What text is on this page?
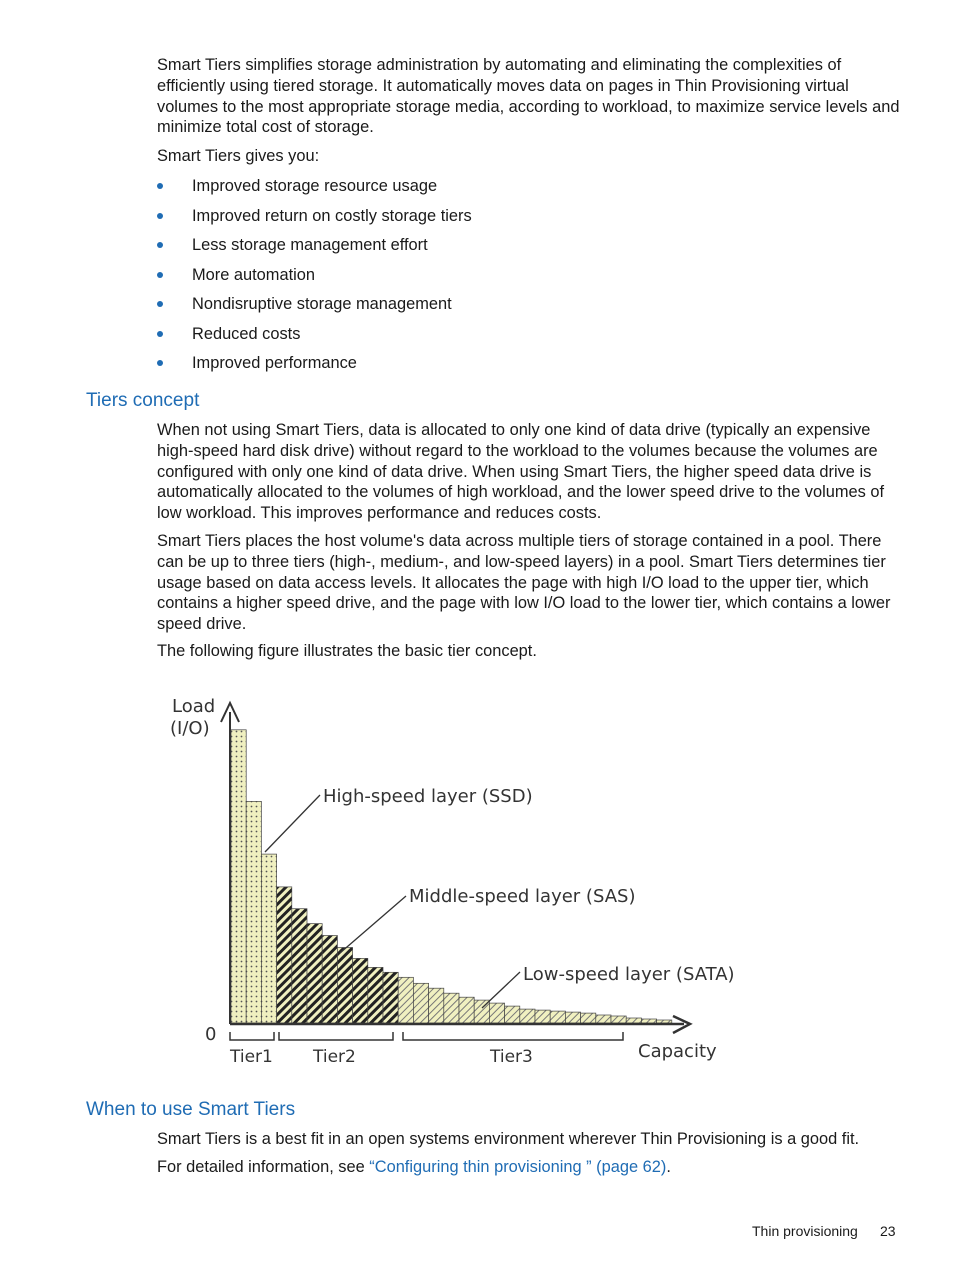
Smart Tiers simplifies storage administration by automating and eliminating the complexities of efficiently using tiered storage. It automatically moves data on pages in Thin Provisioning virtual volumes to the most appropriate storage media, according to workload, to maximize service levels and minimize total cost of storage.

Smart Tiers gives you:

Improved storage resource usage
Improved return on costly storage tiers
Less storage management effort
More automation
Nondisruptive storage management
Reduced costs
Improved performance
Tiers concept

When not using Smart Tiers, data is allocated to only one kind of data drive (typically an expensive high-speed hard disk drive) without regard to the workload to the volumes because the volumes are configured with only one kind of data drive. When using Smart Tiers, the higher speed data drive is automatically allocated to the volumes of high workload, and the lower speed drive to the volumes of low workload. This improves performance and reduces costs.

Smart Tiers places the host volume's data across multiple tiers of storage contained in a pool. There can be up to three tiers (high-, medium-, and low-speed layers) in a pool. Smart Tiers determines tier usage based on data access levels. It allocates the page with high I/O load to the upper tier, which contains a higher speed drive, and the page with low I/O load to the lower tier, which contains a lower speed drive.

The following figure illustrates the basic tier concept.

Load
(I/O)
0
Capacity
High-speed layer (SSD)
Middle-speed layer (SAS)
Low-speed layer (SATA)
Tier1 Tier2	Tier3
When to use Smart Tiers

Smart Tiers is a best fit in an open systems environment wherever Thin Provisioning is a good fit.

For detailed information, see “Configuring thin provisioning ” (page 62).

Thin provisioning 23
